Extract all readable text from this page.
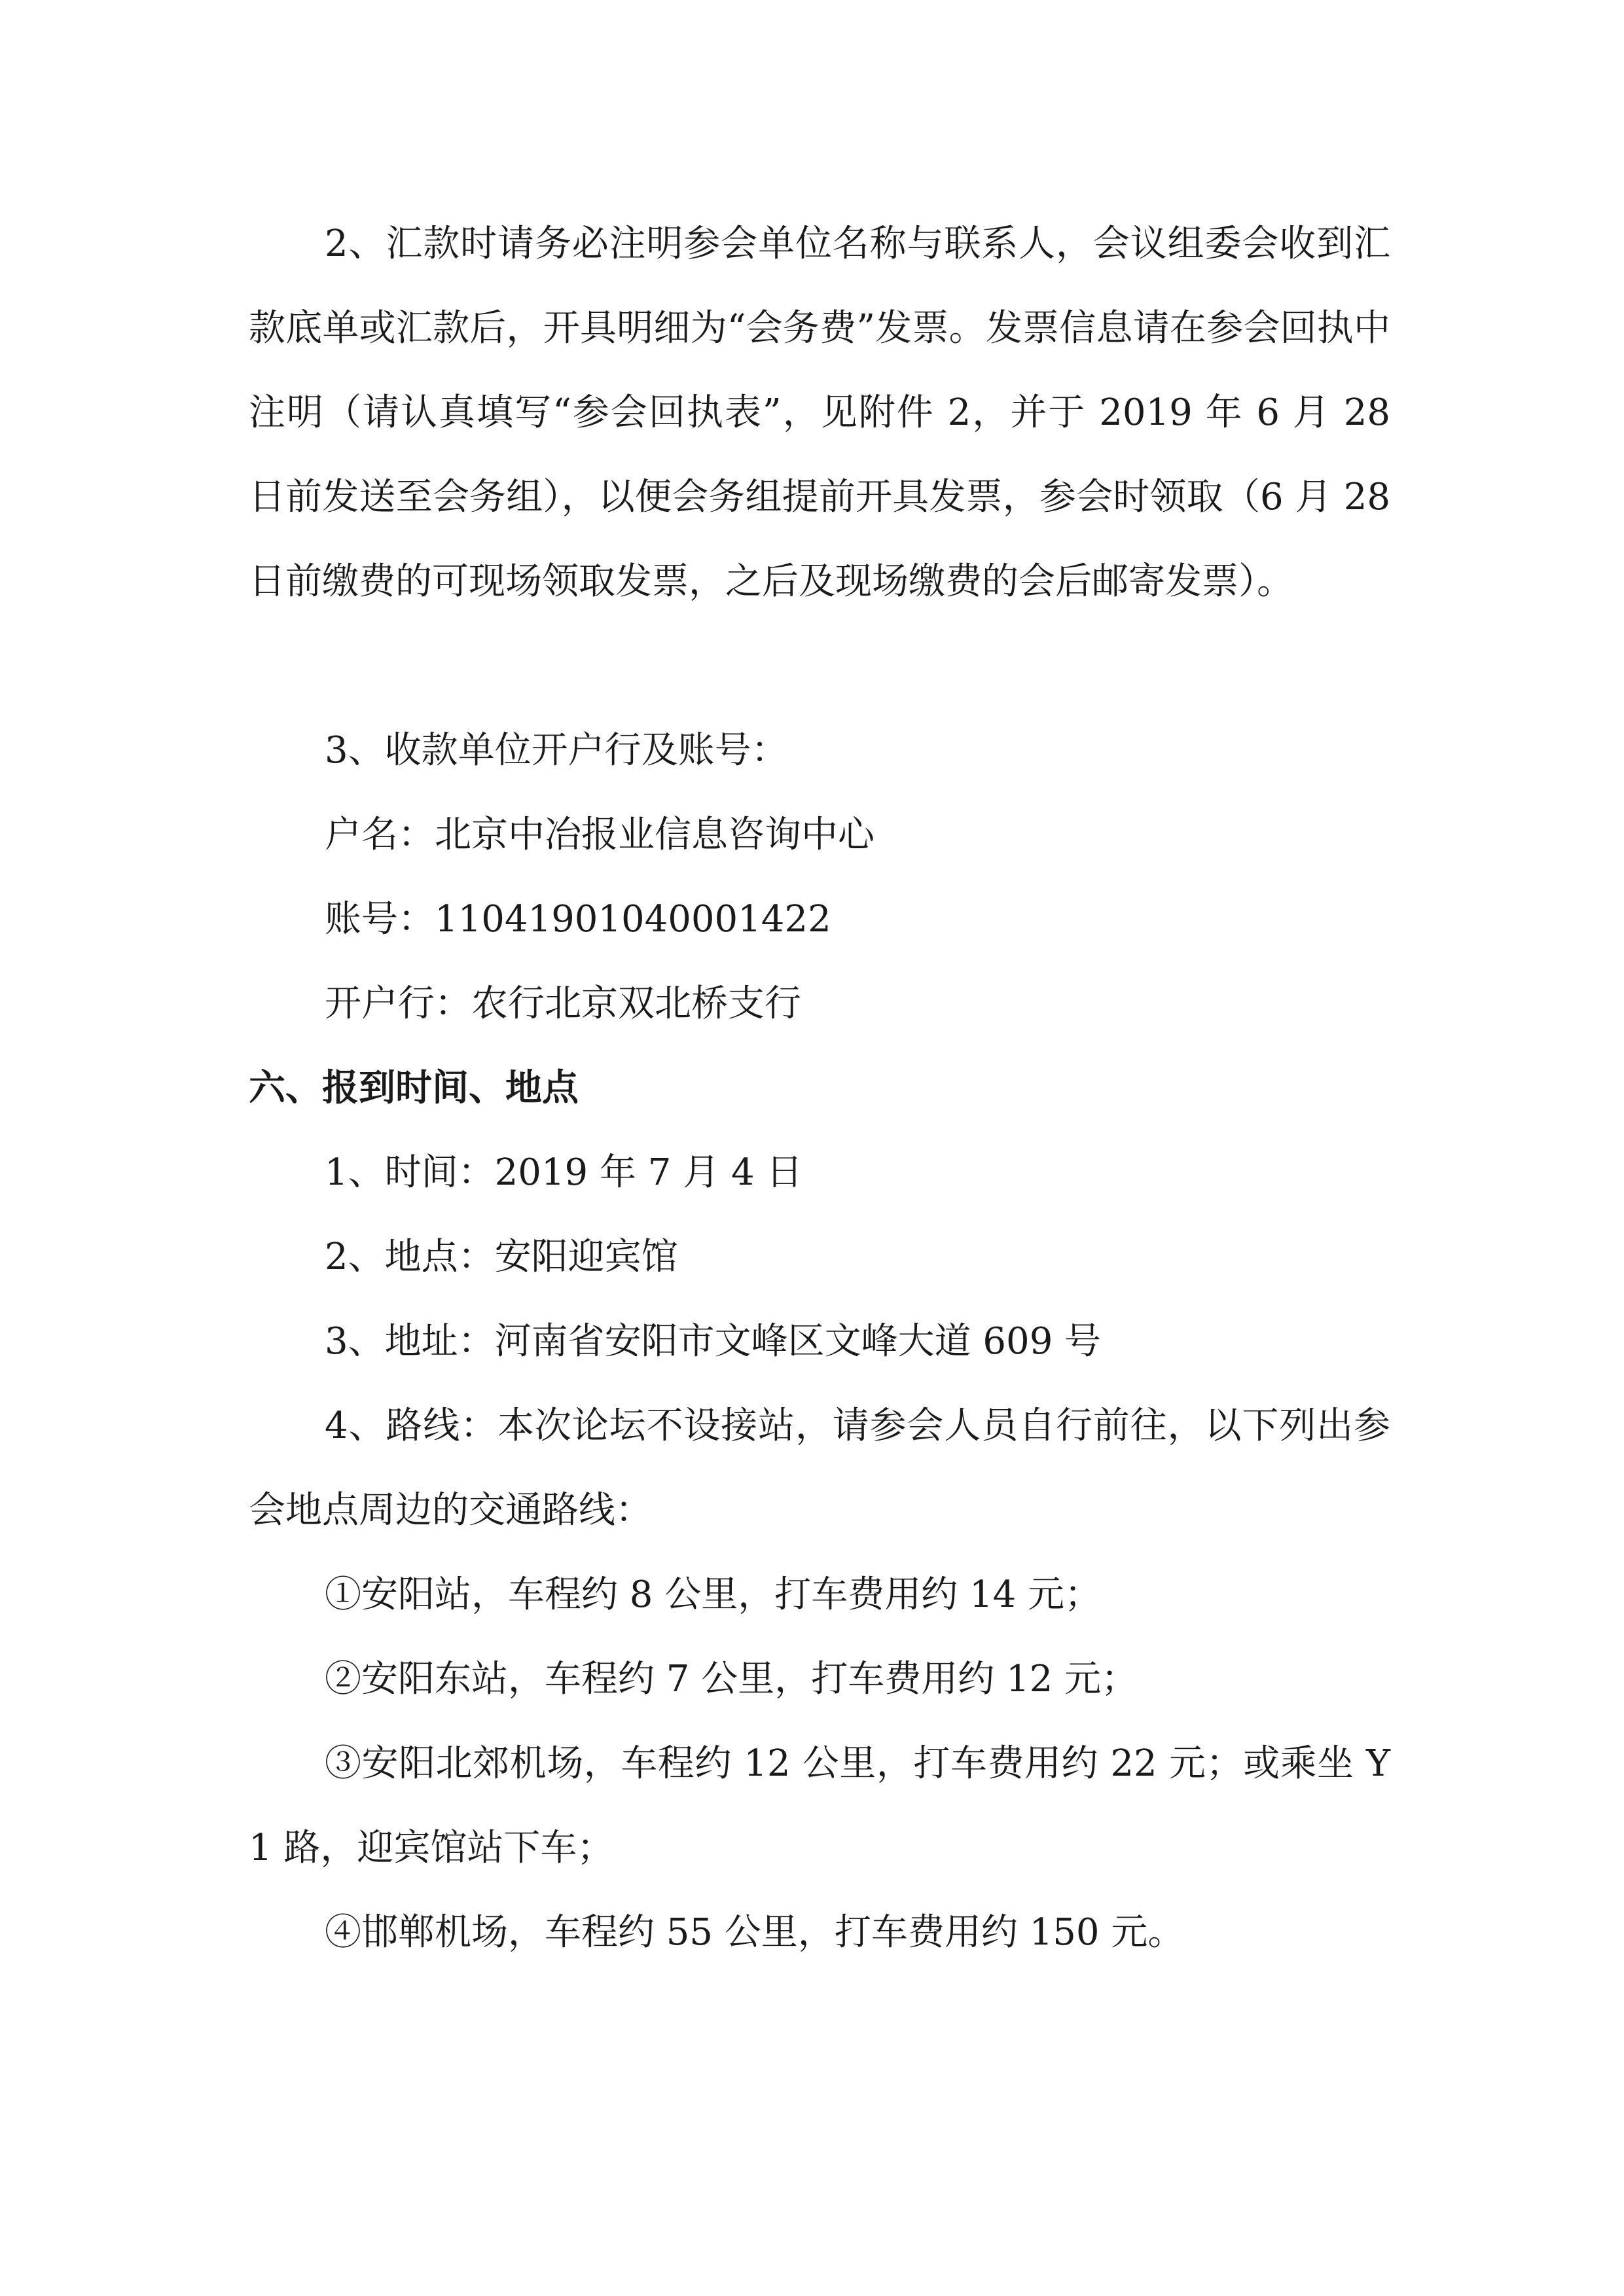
2、汇款时请务必注明参会单位名称与联系人，会议组委会收到汇款底单或汇款后，开具明细为“会务费”发票。发票信息请在参会回执中注明（请认真填写“参会回执表”，见附件 2，并于 2019 年 6 月 28 日前发送至会务组），以便会务组提前开具发票，参会时领取（6 月 28 日前缴费的可现场领取发票，之后及现场缴费的会后邮寄发票）。

3、收款单位开户行及账号：

户名：北京中冶报业信息咨询中心

账号：11041901040001422

开户行：农行北京双北桥支行

六、报到时间、地点

1、时间：2019 年 7 月 4 日

2、地点：安阳迎宾馆

3、地址：河南省安阳市文峰区文峰大道 609 号

4、路线：本次论坛不设接站，请参会人员自行前往，以下列出参会地点周边的交通路线：

①安阳站，车程约 8 公里，打车费用约 14 元；

②安阳东站，车程约 7 公里，打车费用约 12 元；

③安阳北郊机场，车程约 12 公里，打车费用约 22 元；或乘坐 Y1 路，迎宾馆站下车；

④邯郸机场，车程约 55 公里，打车费用约 150 元。
